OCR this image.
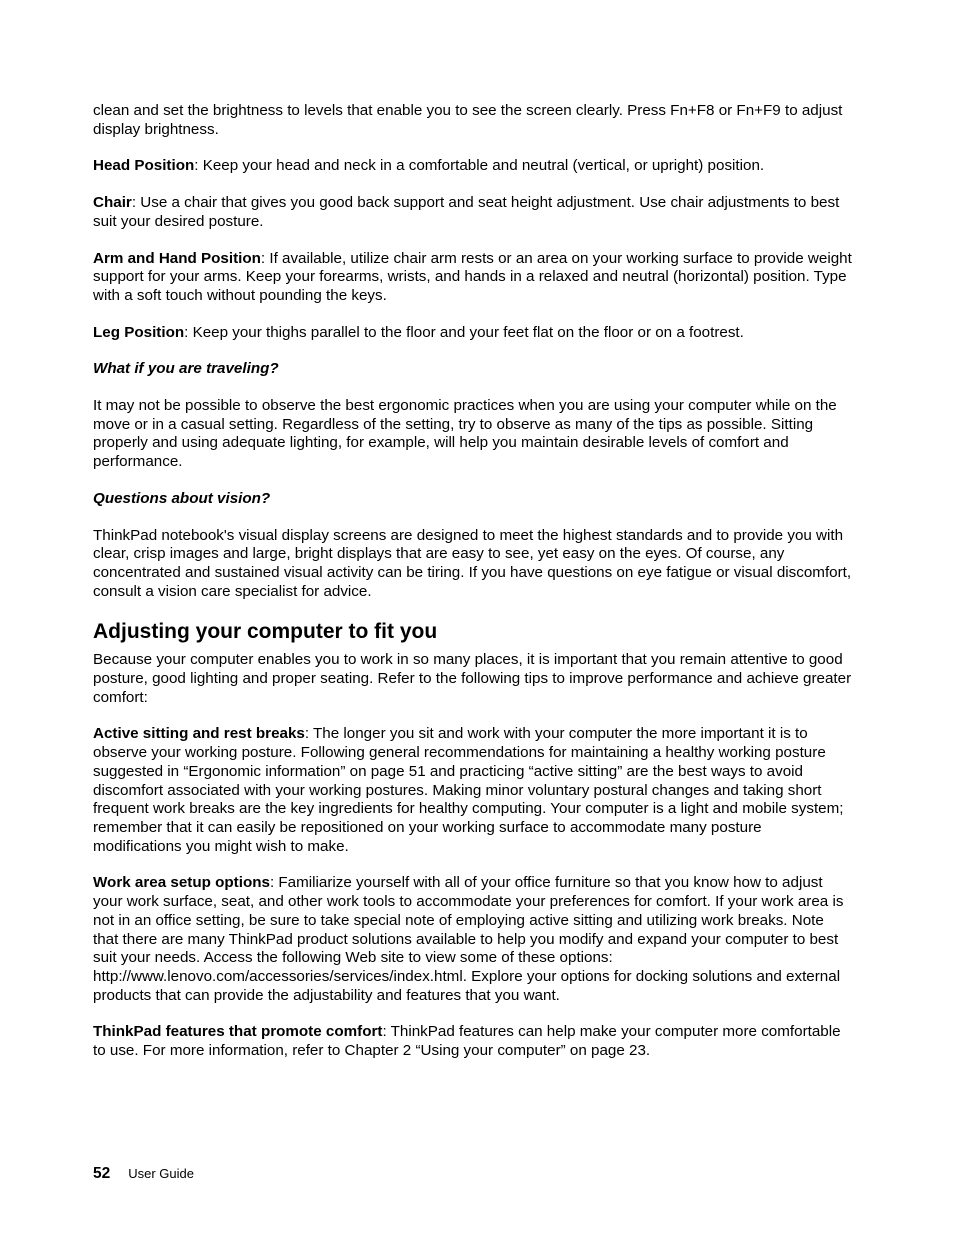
clean and set the brightness to levels that enable you to see the screen clearly. Press Fn+F8 or Fn+F9 to adjust display brightness.

Head Position: Keep your head and neck in a comfortable and neutral (vertical, or upright) position.

Chair: Use a chair that gives you good back support and seat height adjustment. Use chair adjustments to best suit your desired posture.

Arm and Hand Position: If available, utilize chair arm rests or an area on your working surface to provide weight support for your arms. Keep your forearms, wrists, and hands in a relaxed and neutral (horizontal) position. Type with a soft touch without pounding the keys.

Leg Position: Keep your thighs parallel to the floor and your feet flat on the floor or on a footrest.

What if you are traveling?

It may not be possible to observe the best ergonomic practices when you are using your computer while on the move or in a casual setting. Regardless of the setting, try to observe as many of the tips as possible. Sitting properly and using adequate lighting, for example, will help you maintain desirable levels of comfort and performance.

Questions about vision?

ThinkPad notebook's visual display screens are designed to meet the highest standards and to provide you with clear, crisp images and large, bright displays that are easy to see, yet easy on the eyes. Of course, any concentrated and sustained visual activity can be tiring. If you have questions on eye fatigue or visual discomfort, consult a vision care specialist for advice.

Adjusting your computer to fit you

Because your computer enables you to work in so many places, it is important that you remain attentive to good posture, good lighting and proper seating. Refer to the following tips to improve performance and achieve greater comfort:

Active sitting and rest breaks: The longer you sit and work with your computer the more important it is to observe your working posture. Following general recommendations for maintaining a healthy working posture suggested in “Ergonomic information” on page 51 and practicing “active sitting” are the best ways to avoid discomfort associated with your working postures. Making minor voluntary postural changes and taking short frequent work breaks are the key ingredients for healthy computing. Your computer is a light and mobile system; remember that it can easily be repositioned on your working surface to accommodate many posture modifications you might wish to make.

Work area setup options: Familiarize yourself with all of your office furniture so that you know how to adjust your work surface, seat, and other work tools to accommodate your preferences for comfort. If your work area is not in an office setting, be sure to take special note of employing active sitting and utilizing work breaks. Note that there are many ThinkPad product solutions available to help you modify and expand your computer to best suit your needs. Access the following Web site to view some of these options: http://www.lenovo.com/accessories/services/index.html. Explore your options for docking solutions and external products that can provide the adjustability and features that you want.

ThinkPad features that promote comfort: ThinkPad features can help make your computer more comfortable to use. For more information, refer to Chapter 2 “Using your computer” on page 23.

52 User Guide
